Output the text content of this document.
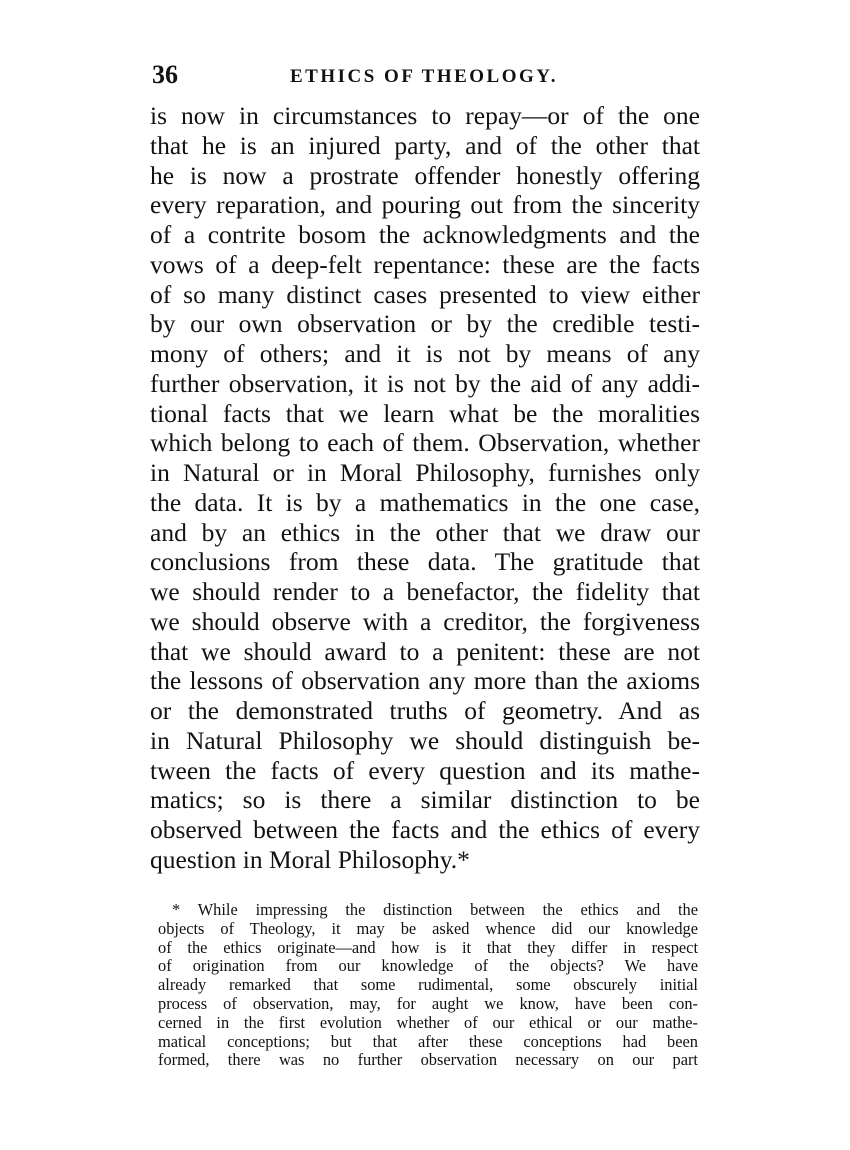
36	ETHICS OF THEOLOGY.
is now in circumstances to repay—or of the one
that he is an injured party, and of the other that
he is now a prostrate offender honestly offering
every reparation, and pouring out from the sincerity
of a contrite bosom the acknowledgments and the
vows of a deep-felt repentance: these are the facts
of so many distinct cases presented to view either
by our own observation or by the credible testi-
mony of others; and it is not by means of any
further observation, it is not by the aid of any addi-
tional facts that we learn what be the moralities
which belong to each of them. Observation, whether
in Natural or in Moral Philosophy, furnishes only
the data. It is by a mathematics in the one case,
and by an ethics in the other that we draw our
conclusions from these data. The gratitude that
we should render to a benefactor, the fidelity that
we should observe with a creditor, the forgiveness
that we should award to a penitent: these are not
the lessons of observation any more than the axioms
or the demonstrated truths of geometry. And as
in Natural Philosophy we should distinguish be-
tween the facts of every question and its mathe-
matics; so is there a similar distinction to be
observed between the facts and the ethics of every
question in Moral Philosophy.*
* While impressing the distinction between the ethics and the
objects of Theology, it may be asked whence did our knowledge
of the ethics originate—and how is it that they differ in respect
of origination from our knowledge of the objects? We have
already remarked that some rudimental, some obscurely initial
process of observation, may, for aught we know, have been con-
cerned in the first evolution whether of our ethical or our mathe-
matical conceptions; but that after these conceptions had been
formed, there was no further observation necessary on our part
